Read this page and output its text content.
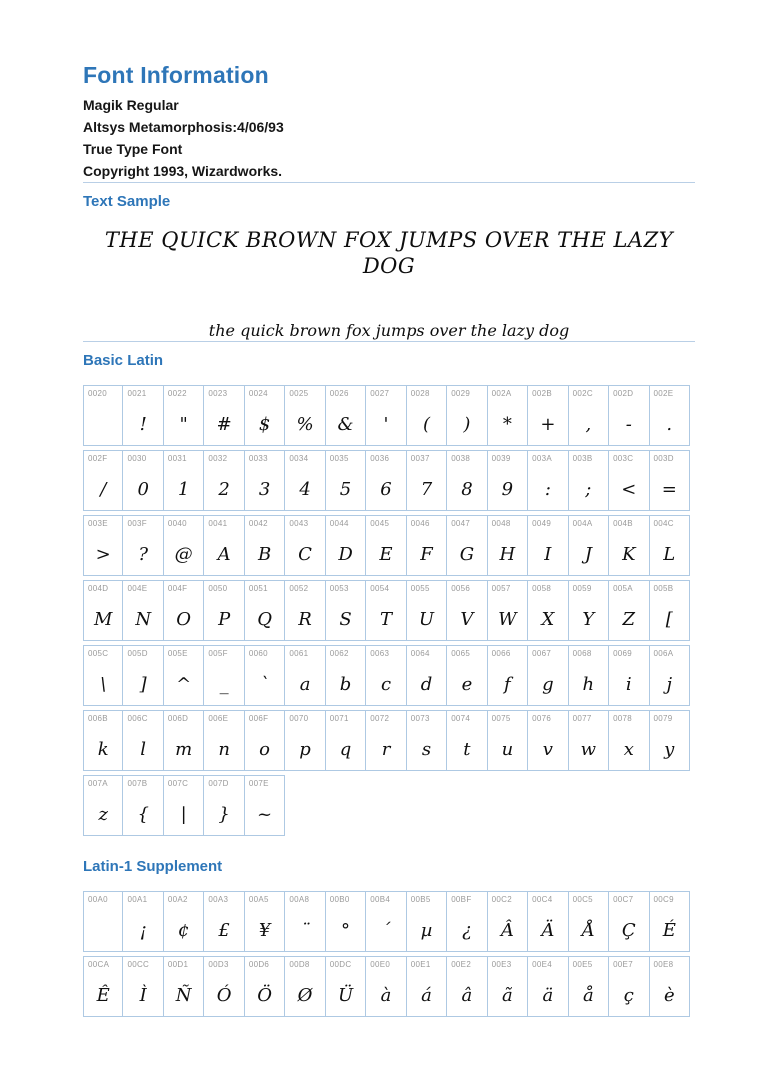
Font Information
Magik Regular
Altsys Metamorphosis:4/06/93
True Type Font
Copyright 1993, Wizardworks.
Text Sample
THE QUICK BROWN FOX JUMPS OVER THE LAZY DOG
the quick brown fox jumps over the lazy dog
Basic Latin
0020	0021
!
0022
"
0023
#
0024
$
0025
%
0026
&
0027
'
0028
(
0029
)
002A
*
002B
+
002C
,
002D
-
002E
.
002F
/
0030
0
0031
1
0032
2
0033
3
0034
4
0035
5
0036
6
0037
7
0038
8
0039
9
003A
:
003B
;
003C
<
003D
=
003E
>
003F
?
0040
@
0041
A
0042
B
0043
C
0044
D
0045
E
0046
F
0047
G
0048
H
0049
I
004A
J
004B
K
004C
L
004D
M
004E
N
004F
O
0050
P
0051
Q
0052
R
0053
S
0054
T
0055
U
0056
V
0057
W
0058
X
0059
Y
005A
Z
005B
[
005C
\
005D
]
005E
^
005F
_
0060
`
0061
a
0062
b
0063
c
0064
d
0065
e
0066
f
0067
g
0068
h
0069
i
006A
j
006B
k
006C
l
006D
m
006E
n
006F
o
0070
p
0071
q
0072
r
0073
s
0074
t
0075
u
0076
v
0077
w
0078
x
0079
y
007A
z
007B
{
007C
|
007D
}
007E
~
Latin-1 Supplement
00A0 00A1
¡
00A2
¢
00A3
£
00A5
¥
00A8
¨
00B0
°
00B4
´
00B5
µ
00BF
¿
00C2
Â
00C4
Ä
00C5
Å
00C7
Ç
00C9
É
00CA
Ê
00CC
Ì
00D1
Ñ
00D3
Ó
00D6
Ö
00D8
Ø
00DC
Ü
00E0
à
00E1
á
00E2
â
00E3
ã
00E4
ä
00E5
å
00E7
ç
00E8
è
